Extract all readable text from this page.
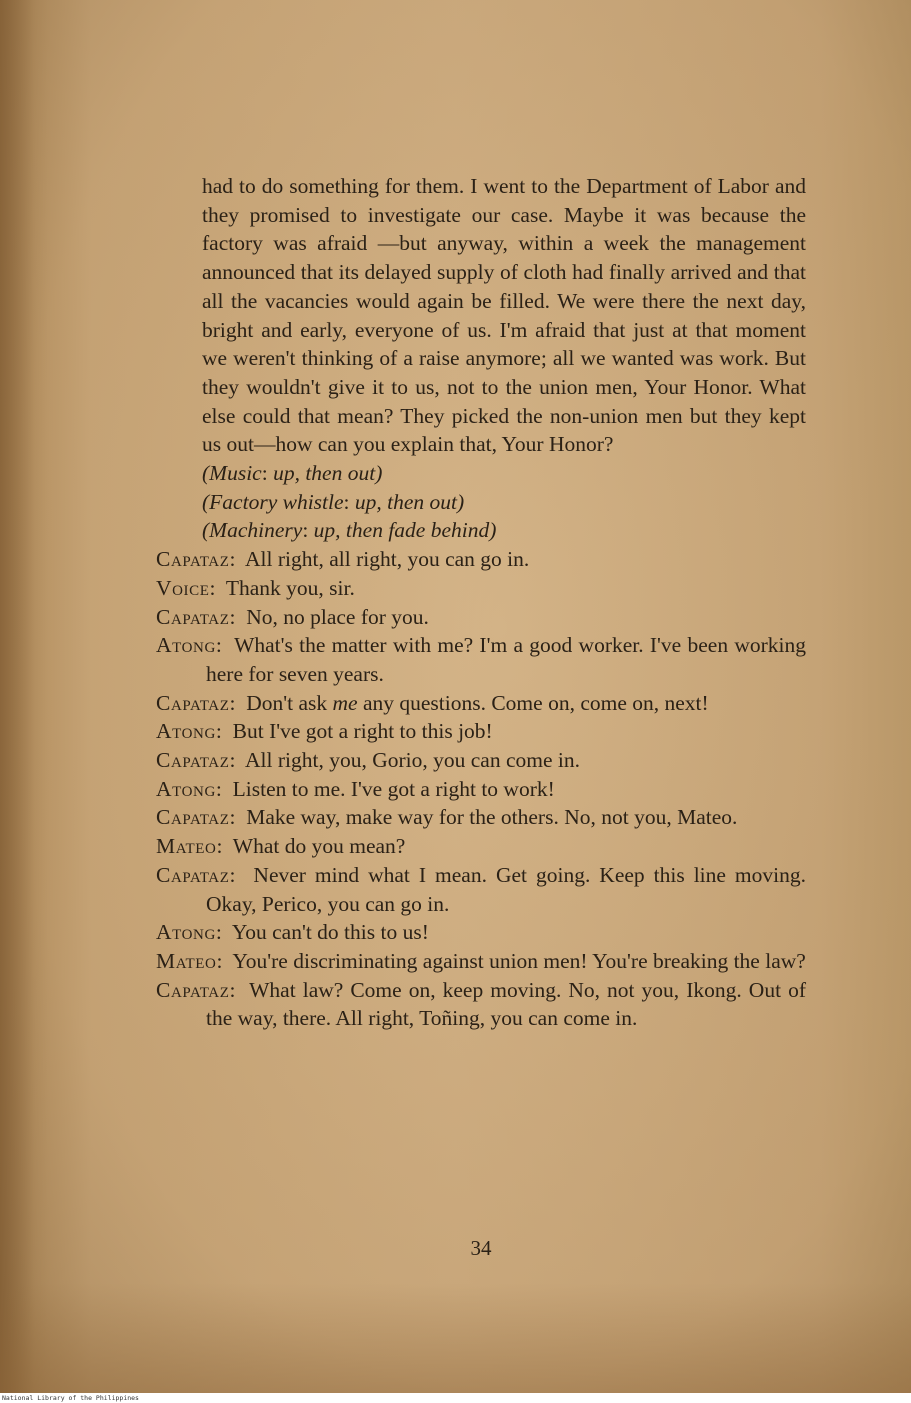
had to do something for them. I went to the Department of Labor and they promised to investigate our case. Maybe it was because the factory was afraid —but anyway, within a week the management announced that its delayed supply of cloth had finally arrived and that all the vacancies would again be filled. We were there the next day, bright and early, everyone of us. I'm afraid that just at that moment we weren't thinking of a raise anymore; all we wanted was work. But they wouldn't give it to us, not to the union men, Your Honor. What else could that mean? They picked the non-union men but they kept us out—how can you explain that, Your Honor?

(Music: up, then out)
(Factory whistle: up, then out)
(Machinery: up, then fade behind)

Capataz:  All right, all right, you can go in.

Voice:  Thank you, sir.

Capataz:  No, no place for you.

Atong:  What's the matter with me? I'm a good worker. I've been working here for seven years.

Capataz:  Don't ask me any questions. Come on, come on, next!

Atong:  But I've got a right to this job!

Capataz:  All right, you, Gorio, you can come in.

Atong:  Listen to me. I've got a right to work!

Capataz:  Make way, make way for the others. No, not you, Mateo.

Mateo:  What do you mean?

Capataz:  Never mind what I mean. Get going. Keep this line moving. Okay, Perico, you can go in.

Atong:  You can't do this to us!

Mateo:  You're discriminating against union men! You're breaking the law?

Capataz:  What law? Come on, keep moving. No, not you, Ikong. Out of the way, there. All right, Toñing, you can come in.

34
National Library of the Philippines
